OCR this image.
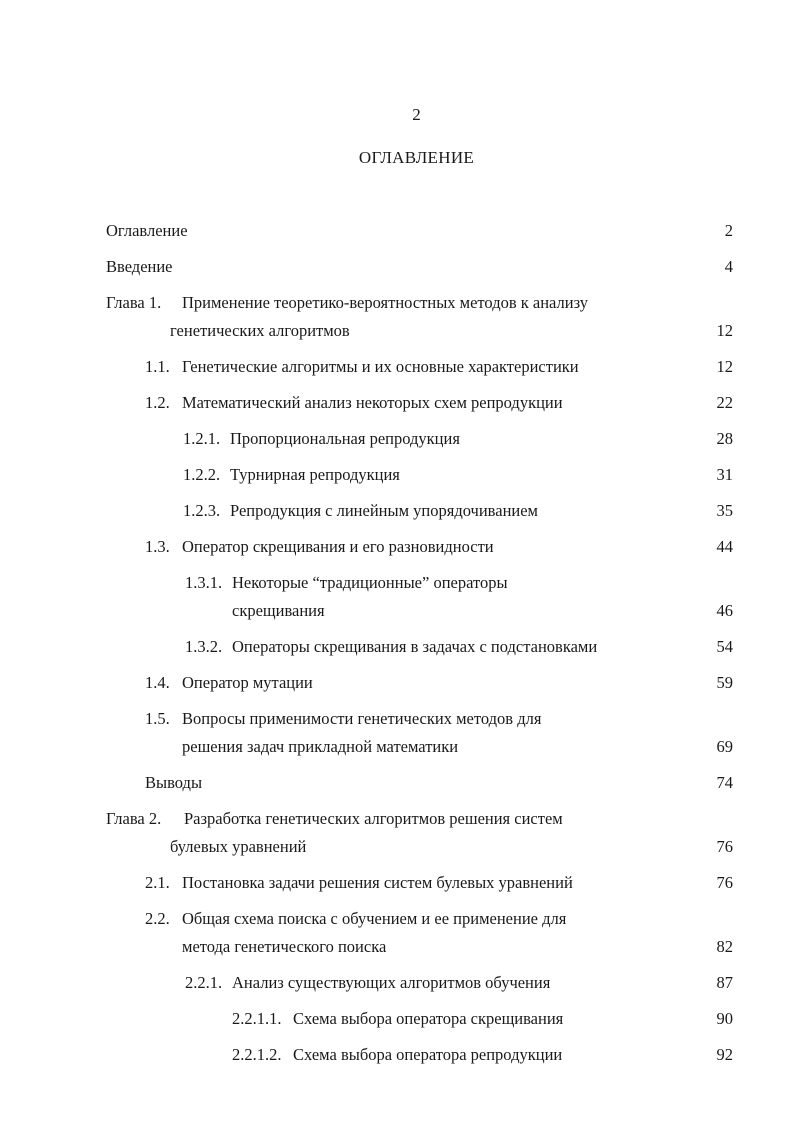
2
ОГЛАВЛЕНИЕ
Оглавление	2
Введение	4
Глава 1. Применение теоретико-вероятностных методов к анализу
генетических алгоритмов	12
1.1. Генетические алгоритмы и их основные характеристики	12
1.2. Математический анализ некоторых схем репродукции	22
1.2.1. Пропорциональная репродукция	28
1.2.2. Турнирная репродукция	31
1.2.3. Репродукция с линейным упорядочиванием	35
1.3. Оператор скрещивания и его разновидности	44
1.3.1. Некоторые “традиционные” операторы
скрещивания	46
1.3.2. Операторы скрещивания в задачах с подстановками	54
1.4. Оператор мутации	59
1.5. Вопросы применимости генетических методов для
решения задач прикладной математики	69
Выводы	74
Глава 2. Разработка генетических алгоритмов решения систем
булевых уравнений	76
2.1. Постановка задачи решения систем булевых уравнений	76
2.2. Общая схема поиска с обучением и ее применение для
метода генетического поиска	82
2.2.1. Анализ существующих алгоритмов обучения	87
2.2.1.1. Схема выбора оператора скрещивания	90
2.2.1.2. Схема выбора оператора репродукции	92
